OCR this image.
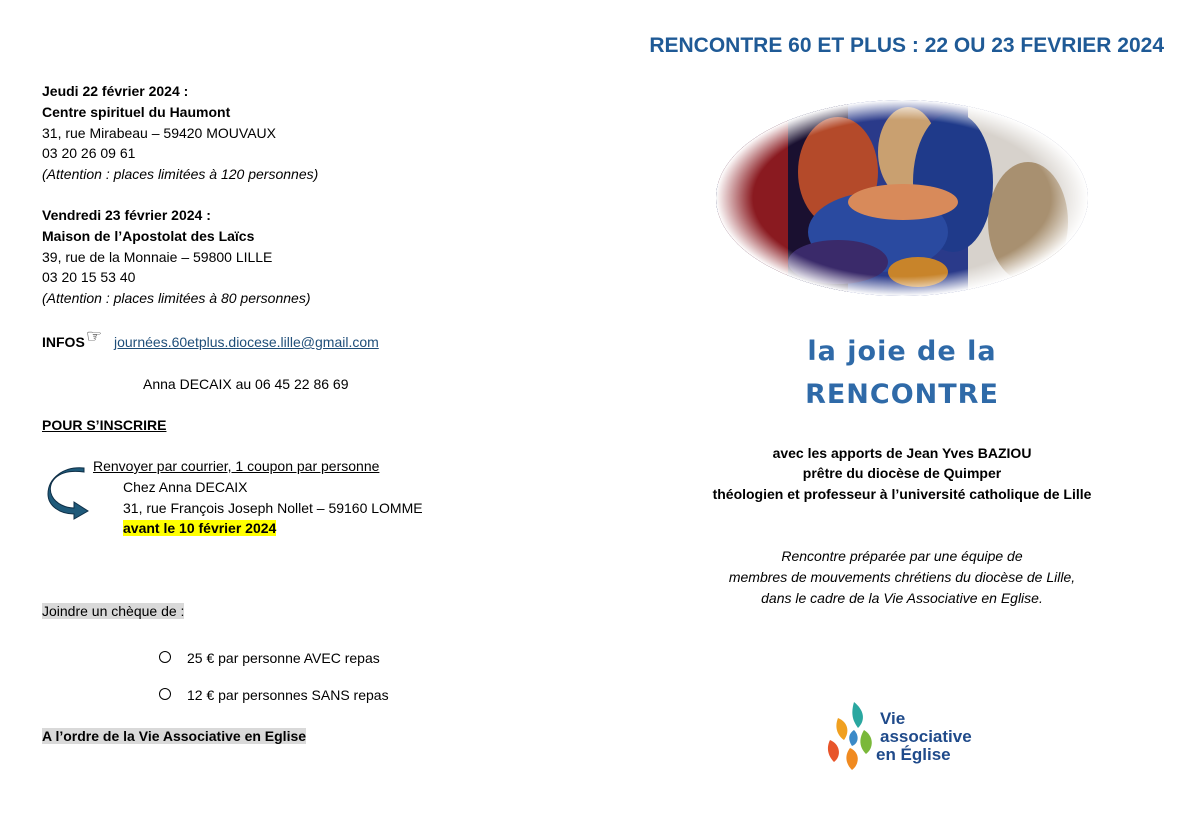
RENCONTRE 60 ET PLUS : 22 OU 23 FEVRIER 2024
Jeudi 22 février 2024 :
Centre spirituel du Haumont
31, rue Mirabeau – 59420 MOUVAUX
03 20 26 09 61
(Attention : places limitées à 120 personnes)
Vendredi 23 février 2024 :
Maison de l’Apostolat des Laïcs
39, rue de la Monnaie – 59800 LILLE
03 20 15 53 40
(Attention : places limitées à 80 personnes)
INFOS ☞ journées.60etplus.diocese.lille@gmail.com
Anna DECAIX au 06 45 22 86 69
POUR S’INSCRIRE
Renvoyer par courrier, 1 coupon par personne
Chez Anna DECAIX
31, rue François Joseph Nollet – 59160 LOMME
avant le 10 février 2024
Joindre un chèque de :
25 € par personne AVEC repas
12 € par personnes SANS repas
A l’ordre de la Vie Associative en Eglise
la joie de la
RENCONTRE
avec les apports de Jean Yves BAZIOU
prêtre du diocèse de Quimper
théologien et professeur à l’université catholique de Lille
Rencontre préparée par une équipe de
membres de mouvements chrétiens du diocèse de Lille,
dans le cadre de la Vie Associative en Eglise.
Vie
associative
en Église
